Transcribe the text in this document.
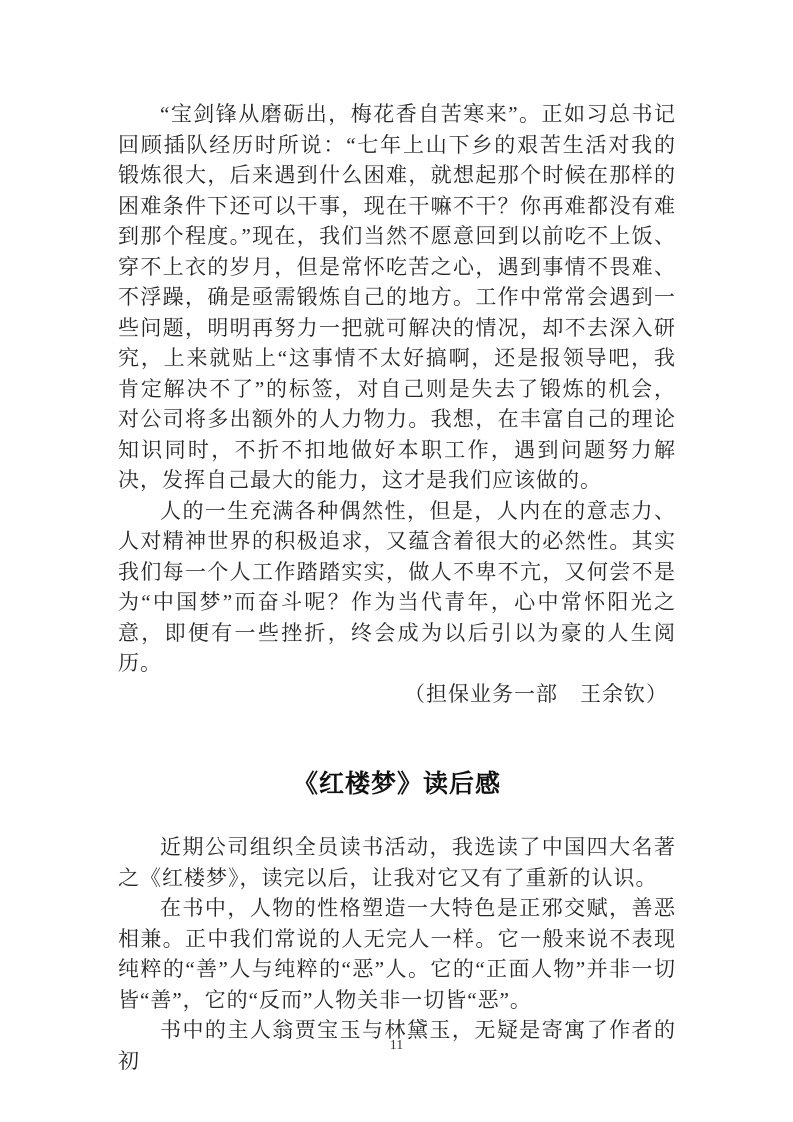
“宝剑锋从磨砺出，梅花香自苦寒来”。正如习总书记回顾插队经历时所说：“七年上山下乡的艰苦生活对我的锻炼很大，后来遇到什么困难，就想起那个时候在那样的困难条件下还可以干事，现在干嘛不干？你再难都没有难到那个程度。”现在，我们当然不愿意回到以前吃不上饭、穿不上衣的岁月，但是常怀吃苦之心，遇到事情不畏难、不浮躁，确是亟需锻炼自己的地方。工作中常常会遇到一些问题，明明再努力一把就可解决的情况，却不去深入研究，上来就贴上“这事情不太好搞啊，还是报领导吧，我肯定解决不了”的标签，对自己则是失去了锻炼的机会，对公司将多出额外的人力物力。我想，在丰富自己的理论知识同时，不折不扣地做好本职工作，遇到问题努力解决，发挥自己最大的能力，这才是我们应该做的。

人的一生充满各种偶然性，但是，人内在的意志力、人对精神世界的积极追求，又蕴含着很大的必然性。其实我们每一个人工作踏踏实实，做人不卑不亢，又何尝不是为“中国梦”而奋斗呢？作为当代青年，心中常怀阳光之意，即便有一些挫折，终会成为以后引以为豪的人生阅历。

（担保业务一部　王余钦）

《红楼梦》读后感

近期公司组织全员读书活动，我选读了中国四大名著之《红楼梦》，读完以后，让我对它又有了重新的认识。

在书中，人物的性格塑造一大特色是正邪交赋，善恶相兼。正中我们常说的人无完人一样。它一般来说不表现纯粹的“善”人与纯粹的“恶”人。它的“正面人物”并非一切皆“善”，它的“反而”人物关非一切皆“恶”。

书中的主人翁贾宝玉与林黛玉，无疑是寄寓了作者的初

11
